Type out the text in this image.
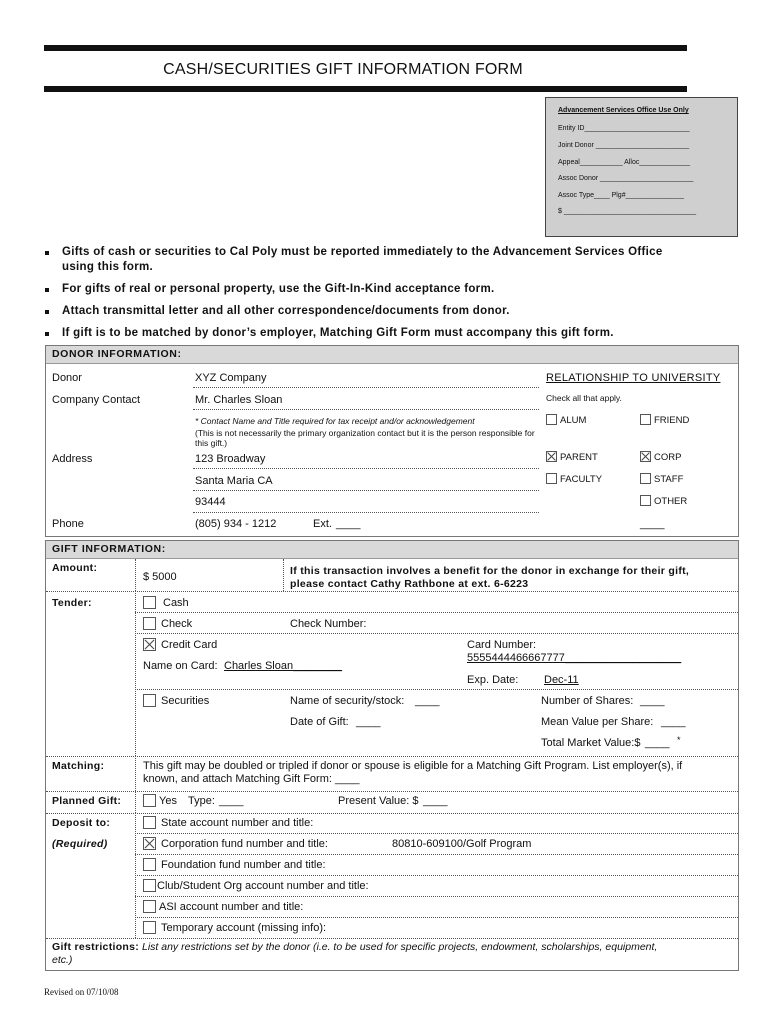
CASH/SECURITIES GIFT INFORMATION FORM
Advancement Services Office Use Only
Entity ID___________________________
Joint Donor ________________________
Appeal___________ Alloc_____________
Assoc Donor ________________________
Assoc Type____ Plg#_______________
$ __________________________________
Gifts of cash or securities to Cal Poly must be reported immediately to the Advancement Services Office
using this form.
For gifts of real or personal property, use the Gift-In-Kind acceptance form.
Attach transmittal letter and all other correspondence/documents from donor.
If gift is to be matched by donor’s employer, Matching Gift Form must accompany this gift form.
DONOR INFORMATION:
Donor	XYZ Company
Company Contact	Mr. Charles Sloan
* Contact Name and Title required for tax receipt and/or acknowledgement
(This is not necessarily the primary organization contact but it is the person responsible for this gift.)
Address	123 Broadway
Santa Maria CA
93444
Phone	(805) 934 - 1212	Ext. ____
RELATIONSHIP TO UNIVERSITY
Check all that apply.
ALUM	FRIEND
PARENT	CORP
FACULTY	STAFF
OTHER
____
GIFT INFORMATION:
Amount:
$ 5000	If this transaction involves a benefit for the donor in exchange for their gift,
please contact Cathy Rathbone at ext. 6-6223
Tender:	Cash
Check	Check Number:
Credit Card	Card Number:
5555444466667777___________________
Name on Card: Charles Sloan________
Exp. Date: Dec-11
Securities	Name of security/stock: ____	Number of Shares: ____
Date of Gift: ____	Mean Value per Share: ____
Total Market Value:$ ____ *
Matching:	This gift may be doubled or tripled if donor or spouse is eligible for a Matching Gift Program. List employer(s), if
known, and attach Matching Gift Form: ____
Planned Gift:	Yes Type: ____	Present Value: $ ____
Deposit to:
(Required)
State account number and title:
Corporation fund number and title:	80810-609100/Golf Program
Foundation fund number and title:
Club/Student Org account number and title:
ASI account number and title:
Temporary account (missing info):
Gift restrictions: List any restrictions set by the donor (i.e. to be used for specific projects, endowment, scholarships, equipment,
etc.)
Revised on 07/10/08
